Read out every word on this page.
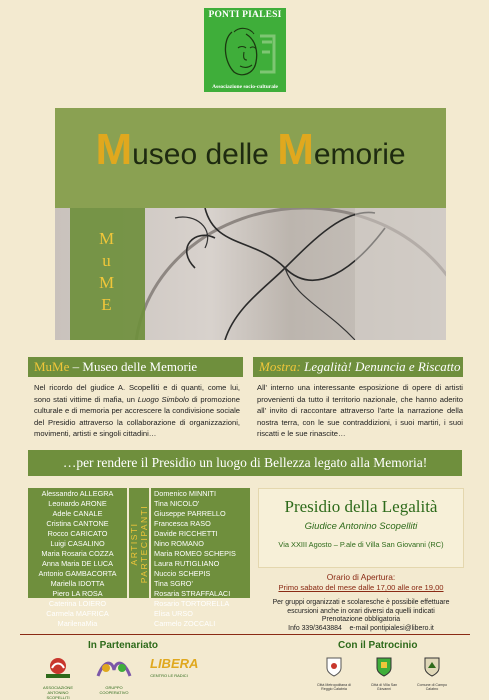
PONTI PIALESI
Associazione socio-culturale
Museo delle Memorie
M
u
M
E
MuMe – Museo delle Memorie
Nel ricordo del giudice A. Scopelliti e di quanti, come lui, sono stati vittime di mafia, un Luogo Simbolo di promozione culturale e di memoria per accrescere la condivisione sociale del Presidio attraverso la collaborazione di organizzazioni, movimenti, artisti e singoli cittadini…
Mostra: Legalità! Denuncia e Riscatto
All' interno una interessante esposizione di opere di artisti provenienti da tutto il territorio nazionale, che hanno aderito all' invito di raccontare attraverso l'arte la narrazione della nostra terra, con le sue contraddizioni, i suoi martiri, i suoi riscatti e le sue rinascite…
…per rendere il Presidio un luogo di Bellezza legato alla Memoria!
Alessandro ALLEGRA
Leonardo ARONE
Adele CANALE
Cristina CANTONE
Rocco CARICATO
Luigi CASALINO
Maria Rosaria COZZA
Anna Maria DE LUCA
Antonio GAMBACORTA
Mariella IDOTTA
Piero LA ROSA
Caterina LOIERO
Carmela MAFRICA
MarilenaMia
ARTISTI PARTECIPANTI
Domenico MINNITI
Tina NICOLO'
Giuseppe PARRELLO
Francesca RASO
Davide RICCHETTI
Nino ROMANO
Maria ROMEO SCHEPIS
Laura RUTIGLIANO
Nuccio SCHEPIS
Tina SGRO'
Rosaria STRAFFALACI
Rosario TORTORELLA
Elisa URSO
Carmelo ZOCCALI
Presidio della Legalità
Giudice Antonino Scopelliti
Via XXIII Agosto – P.ale di Villa San Giovanni (RC)
Orario di Apertura:
Primo sabato del mese dalle 17,00 alle ore 19,00
Per gruppi organizzati e scolaresche è possibile effettuare escursioni anche in orari diversi da quelli indicati
Prenotazione obbligatoria
Info 339/3643884    e-mail pontipialesi@libero.it
In Partenariato	Con il Patrocinio
ASSOCIAZIONE ANTONINO SCOPELLITI
GRUPPO COOPERATIVO
LIBERA
CENTRO LE RADICI
Città Metropolitana di Reggio Calabria
Città di Villa San Giovanni
Comune di Campo Calabro
